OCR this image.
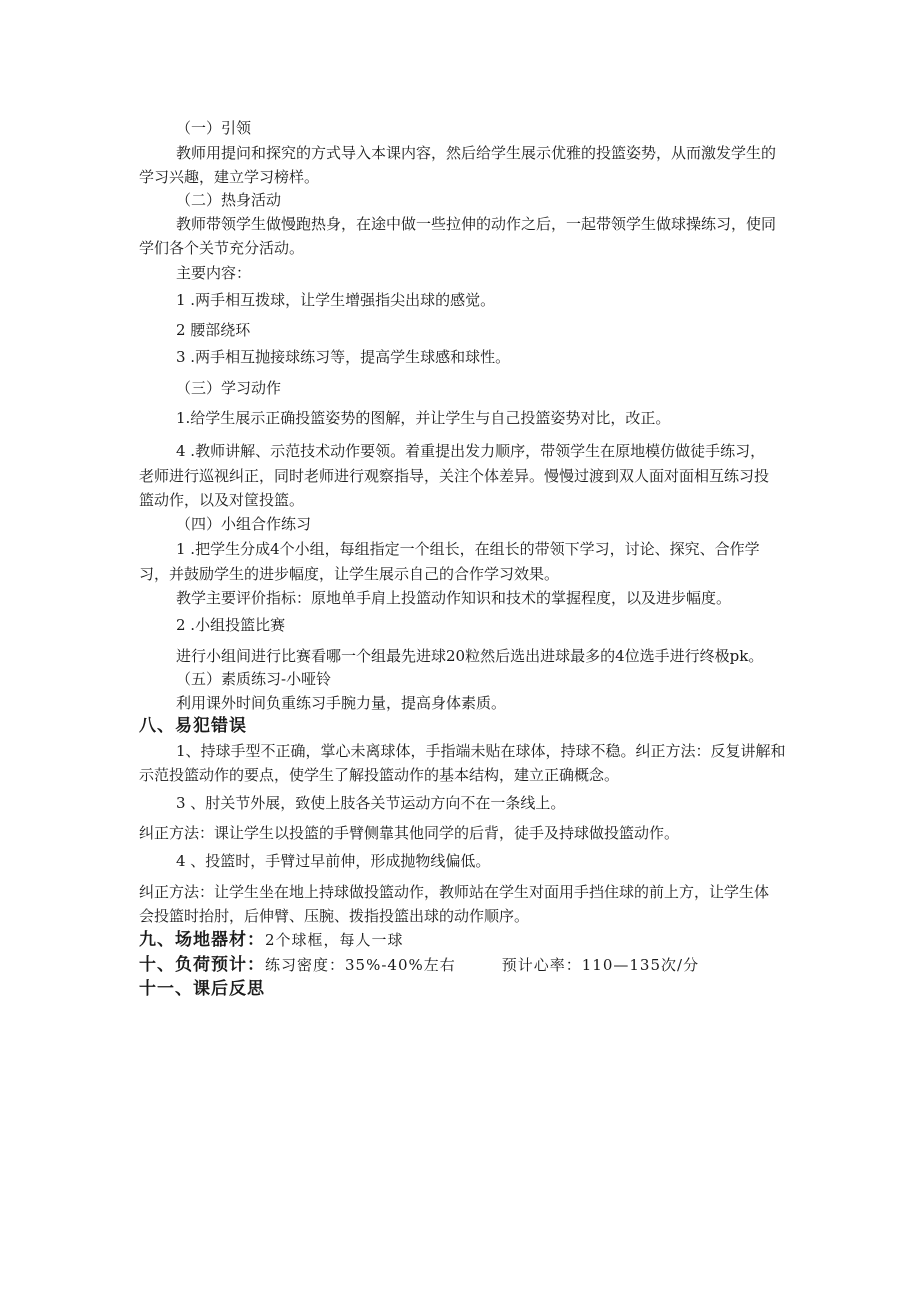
（一）引领
教师用提问和探究的方式导入本课内容，然后给学生展示优雅的投篮姿势，从而激发学生的
学习兴趣，建立学习榜样。
（二）热身活动
教师带领学生做慢跑热身，在途中做一些拉伸的动作之后，一起带领学生做球操练习，使同
学们各个关节充分活动。
主要内容：
1 .两手相互拨球，让学生增强指尖出球的感觉。
2 腰部绕环
3 .两手相互抛接球练习等，提高学生球感和球性。
（三）学习动作
1.给学生展示正确投篮姿势的图解，并让学生与自己投篮姿势对比，改正。
4 .教师讲解、示范技术动作要领。着重提出发力顺序，带领学生在原地模仿做徒手练习，
老师进行巡视纠正，同时老师进行观察指导，关注个体差异。慢慢过渡到双人面对面相互练习投
篮动作，以及对筐投篮。
（四）小组合作练习
1 .把学生分成4个小组，每组指定一个组长，在组长的带领下学习，讨论、探究、合作学
习，并鼓励学生的进步幅度，让学生展示自己的合作学习效果。
教学主要评价指标：原地单手肩上投篮动作知识和技术的掌握程度，以及进步幅度。
2 .小组投篮比赛
进行小组间进行比赛看哪一个组最先进球20粒然后选出进球最多的4位选手进行终极pk。
（五）素质练习-小哑铃
利用课外时间负重练习手腕力量，提高身体素质。
八、易犯错误
1、持球手型不正确，掌心未离球体，手指端未贴在球体，持球不稳。纠正方法：反复讲解和
示范投篮动作的要点，使学生了解投篮动作的基本结构，建立正确概念。
3 、肘关节外展，致使上肢各关节运动方向不在一条线上。
纠正方法：课让学生以投篮的手臂侧靠其他同学的后背，徒手及持球做投篮动作。
4 、投篮时，手臂过早前伸，形成抛物线偏低。
纠正方法：让学生坐在地上持球做投篮动作，教师站在学生对面用手挡住球的前上方，让学生体
会投篮时抬肘，后伸臂、压腕、拨指投篮出球的动作顺序。
九、场地器材：2个球框，每人一球
十、负荷预计：练习密度：35%-40%左右	预计心率：110—135次/分
十一、课后反思
